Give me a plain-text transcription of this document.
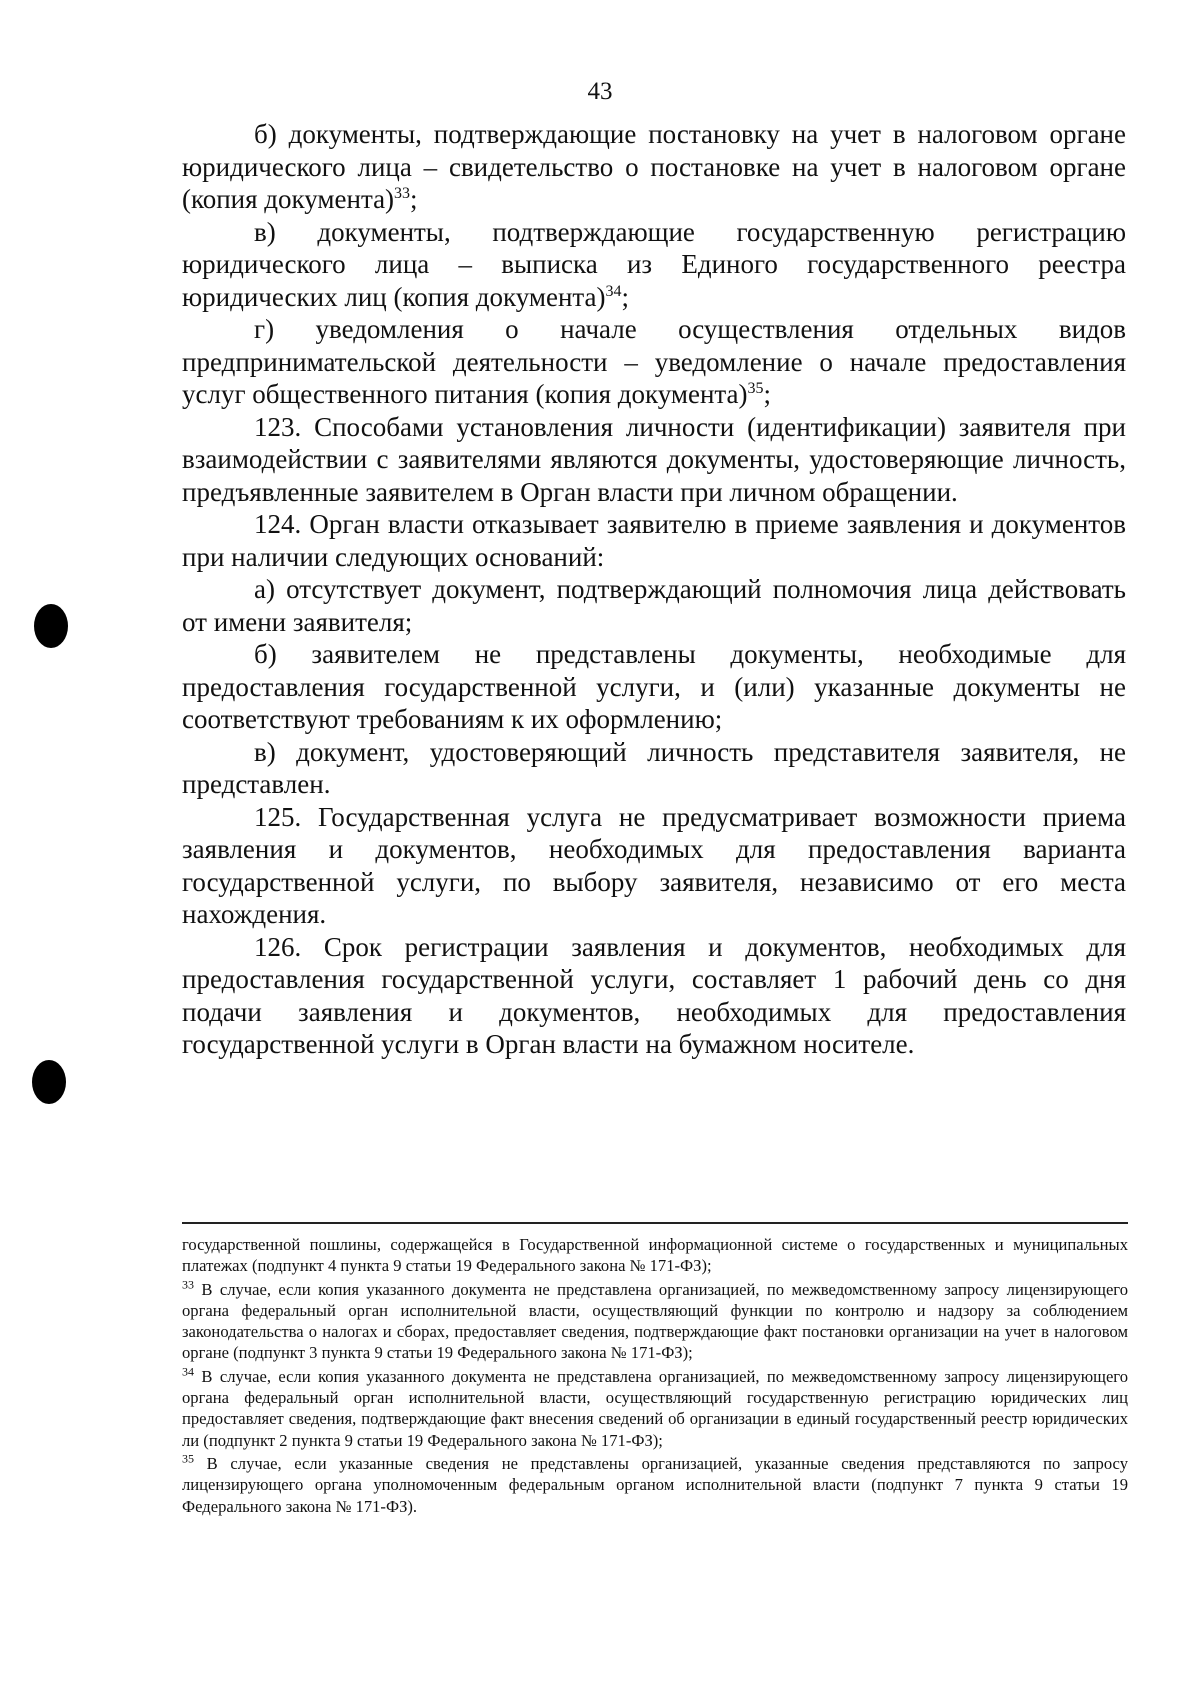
43

б) документы, подтверждающие постановку на учет в налоговом органе юридического лица – свидетельство о постановке на учет в налоговом органе (копия документа)$^{33}$;

в) документы, подтверждающие государственную регистрацию юридического лица – выписка из Единого государственного реестра юридических лиц (копия документа)$^{34}$;

г) уведомления о начале осуществления отдельных видов предпринимательской деятельности – уведомление о начале предоставления услуг общественного питания (копия документа)$^{35}$;

123. Способами установления личности (идентификации) заявителя при взаимодействии с заявителями являются документы, удостоверяющие личность, предъявленные заявителем в Орган власти при личном обращении.

124. Орган власти отказывает заявителю в приеме заявления и документов при наличии следующих оснований:

а) отсутствует документ, подтверждающий полномочия лица действовать от имени заявителя;

б) заявителем не представлены документы, необходимые для предоставления государственной услуги, и (или) указанные документы не соответствуют требованиям к их оформлению;

в) документ, удостоверяющий личность представителя заявителя, не представлен.

125. Государственная услуга не предусматривает возможности приема заявления и документов, необходимых для предоставления варианта государственной услуги, по выбору заявителя, независимо от его места нахождения.

126. Срок регистрации заявления и документов, необходимых для предоставления государственной услуги, составляет 1 рабочий день со дня подачи заявления и документов, необходимых для предоставления государственной услуги в Орган власти на бумажном носителе.

государственной пошлины, содержащейся в Государственной информационной системе о государственных и муниципальных платежах (подпункт 4 пункта 9 статьи 19 Федерального закона № 171-ФЗ);

$^{33}$ В случае, если копия указанного документа не представлена организацией, по межведомственному запросу лицензирующего органа федеральный орган исполнительной власти, осуществляющий функции по контролю и надзору за соблюдением законодательства о налогах и сборах, предоставляет сведения, подтверждающие факт постановки организации на учет в налоговом органе (подпункт 3 пункта 9 статьи 19 Федерального закона № 171-ФЗ);

$^{34}$ В случае, если копия указанного документа не представлена организацией, по межведомственному запросу лицензирующего органа федеральный орган исполнительной власти, осуществляющий государственную регистрацию юридических лиц предоставляет сведения, подтверждающие факт внесения сведений об организации в единый государственный реестр юридических ли (подпункт 2 пункта 9 статьи 19 Федерального закона № 171-ФЗ);

$^{35}$ В случае, если указанные сведения не представлены организацией, указанные сведения представляются по запросу лицензирующего органа уполномоченным федеральным органом исполнительной власти (подпункт 7 пункта 9 статьи 19 Федерального закона № 171-ФЗ).
